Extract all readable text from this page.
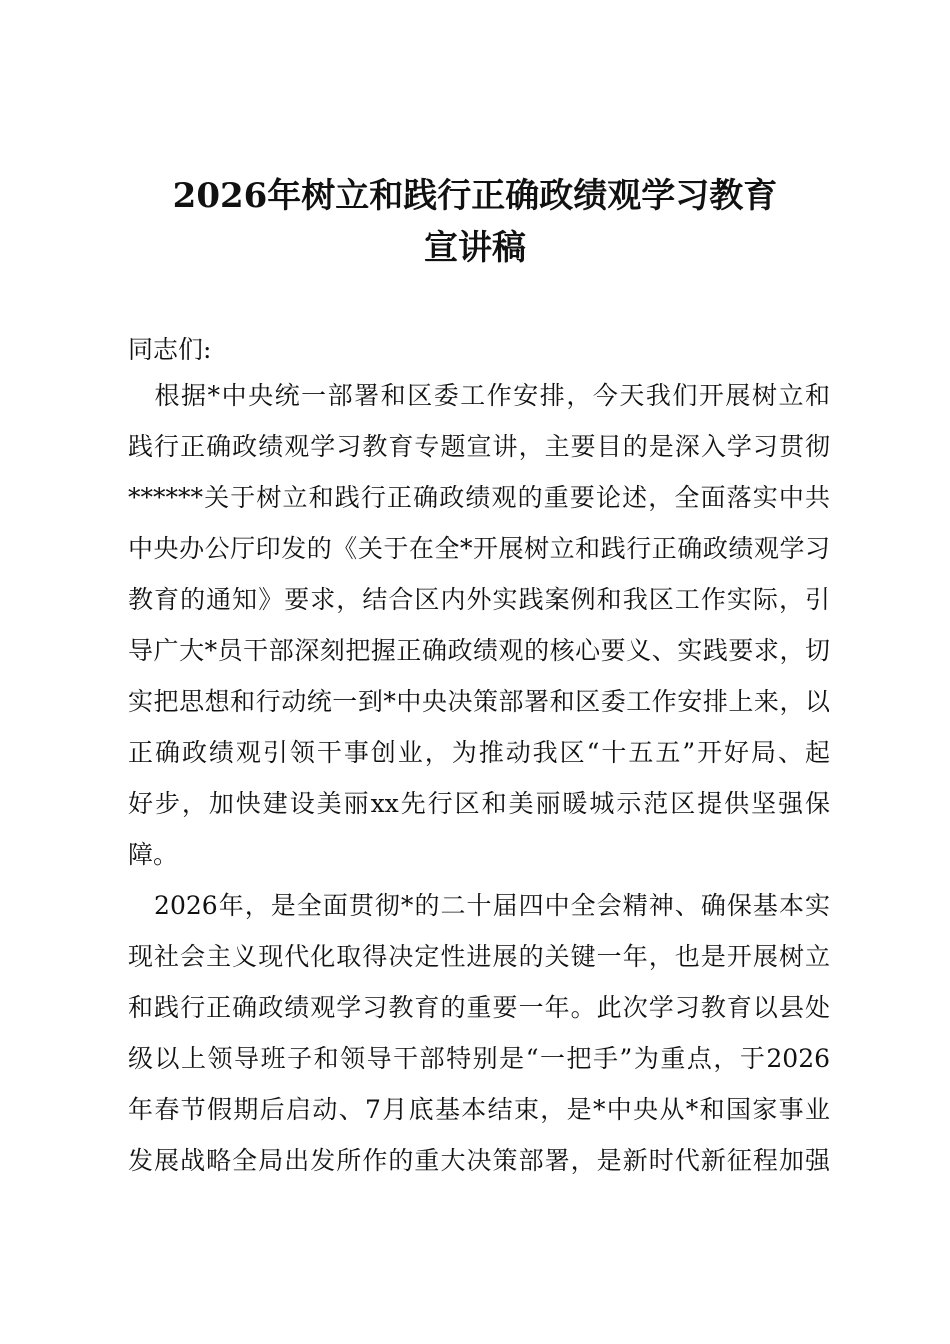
2026年树立和践行正确政绩观学习教育
宣讲稿
同志们:
　根据*中央统一部署和区委工作安排，今天我们开展树立和
践行正确政绩观学习教育专题宣讲，主要目的是深入学习贯彻
******关于树立和践行正确政绩观的重要论述，全面落实中共
中央办公厅印发的《关于在全*开展树立和践行正确政绩观学习
教育的通知》要求，结合区内外实践案例和我区工作实际，引
导广大*员干部深刻把握正确政绩观的核心要义、实践要求，切
实把思想和行动统一到*中央决策部署和区委工作安排上来，以
正确政绩观引领干事创业，为推动我区“十五五”开好局、起
好步，加快建设美丽xx先行区和美丽暖城示范区提供坚强保
障。
　2026年，是全面贯彻*的二十届四中全会精神、确保基本实
现社会主义现代化取得决定性进展的关键一年，也是开展树立
和践行正确政绩观学习教育的重要一年。此次学习教育以县处
级以上领导班子和领导干部特别是“一把手”为重点，于2026
年春节假期后启动、7月底基本结束，是*中央从*和国家事业
发展战略全局出发所作的重大决策部署，是新时代新征程加强
